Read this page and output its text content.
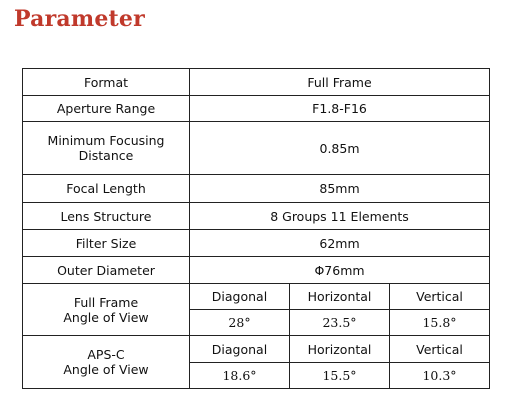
Parameter
Format	Full Frame		
Aperture Range	F1.8-F16		

Minimum Focusing
Distance	0.85m		
Focal Length	85mm		
Lens Structure	8 Groups 11 Elements		
Filter Size	62mm		
Outer Diameter	Φ76mm		

Full Frame
Angle of View	Diagonal	Horizontal	Vertical
	28°	23.5°	15.8°

APS-C
Angle of View	Diagonal	Horizontal	Vertical
	18.6°	15.5°	10.3°
